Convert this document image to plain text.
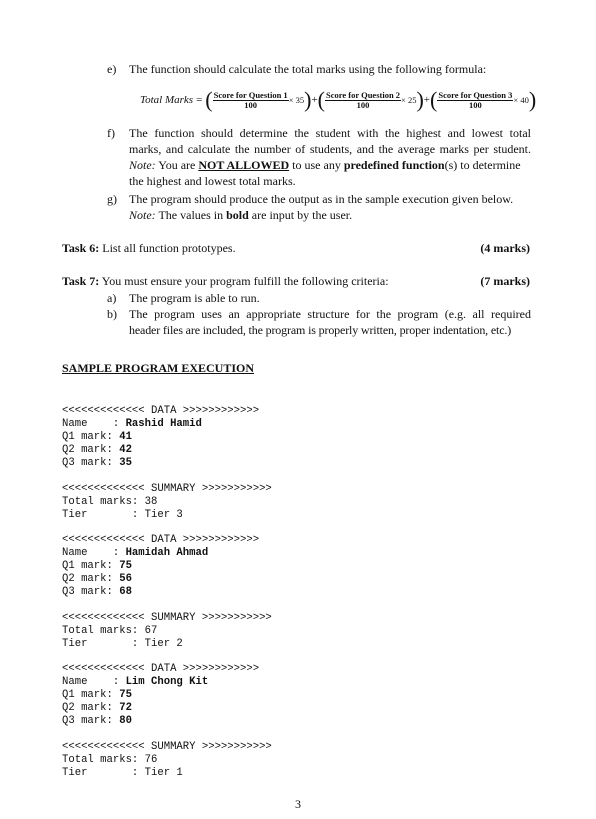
e) The function should calculate the total marks using the following formula:
Total Marks = ( $\frac{\text{Score for Question 1}}{100} \times 35)+( \frac{\text{Score for Question 2}}{100} \times 25)+( \frac{\text{Score for Question 3}}{100} \times 40)$
f) The function should determine the student with the highest and lowest total
marks, and calculate the number of students, and the average marks per student.
Note: You are NOT ALLOWED to use any predefined function(s) to determine
the highest and lowest total marks.
g) The program should produce the output as in the sample execution given below.
Note: The values in bold are input by the user.
Task 6: List all function prototypes.	(4 marks)
Task 7: You must ensure your program fulfill the following criteria:	(7 marks)
a) The program is able to run.
b) The program uses an appropriate structure for the program (e.g. all required
header files are included, the program is properly written, proper indentation, etc.)
SAMPLE PROGRAM EXECUTION

<<<<<<<<<<<<< DATA >>>>>>>>>>>>
Name    : Rashid Hamid
Q1 mark: 41
Q2 mark: 42
Q3 mark: 35

<<<<<<<<<<<<< SUMMARY >>>>>>>>>>>
Total marks: 38
Tier       : Tier 3

<<<<<<<<<<<<< DATA >>>>>>>>>>>>
Name    : Hamidah Ahmad
Q1 mark: 75
Q2 mark: 56
Q3 mark: 68

<<<<<<<<<<<<< SUMMARY >>>>>>>>>>>
Total marks: 67
Tier       : Tier 2

<<<<<<<<<<<<< DATA >>>>>>>>>>>>
Name    : Lim Chong Kit
Q1 mark: 75
Q2 mark: 72
Q3 mark: 80

<<<<<<<<<<<<< SUMMARY >>>>>>>>>>>
Total marks: 76
Tier       : Tier 1

3
